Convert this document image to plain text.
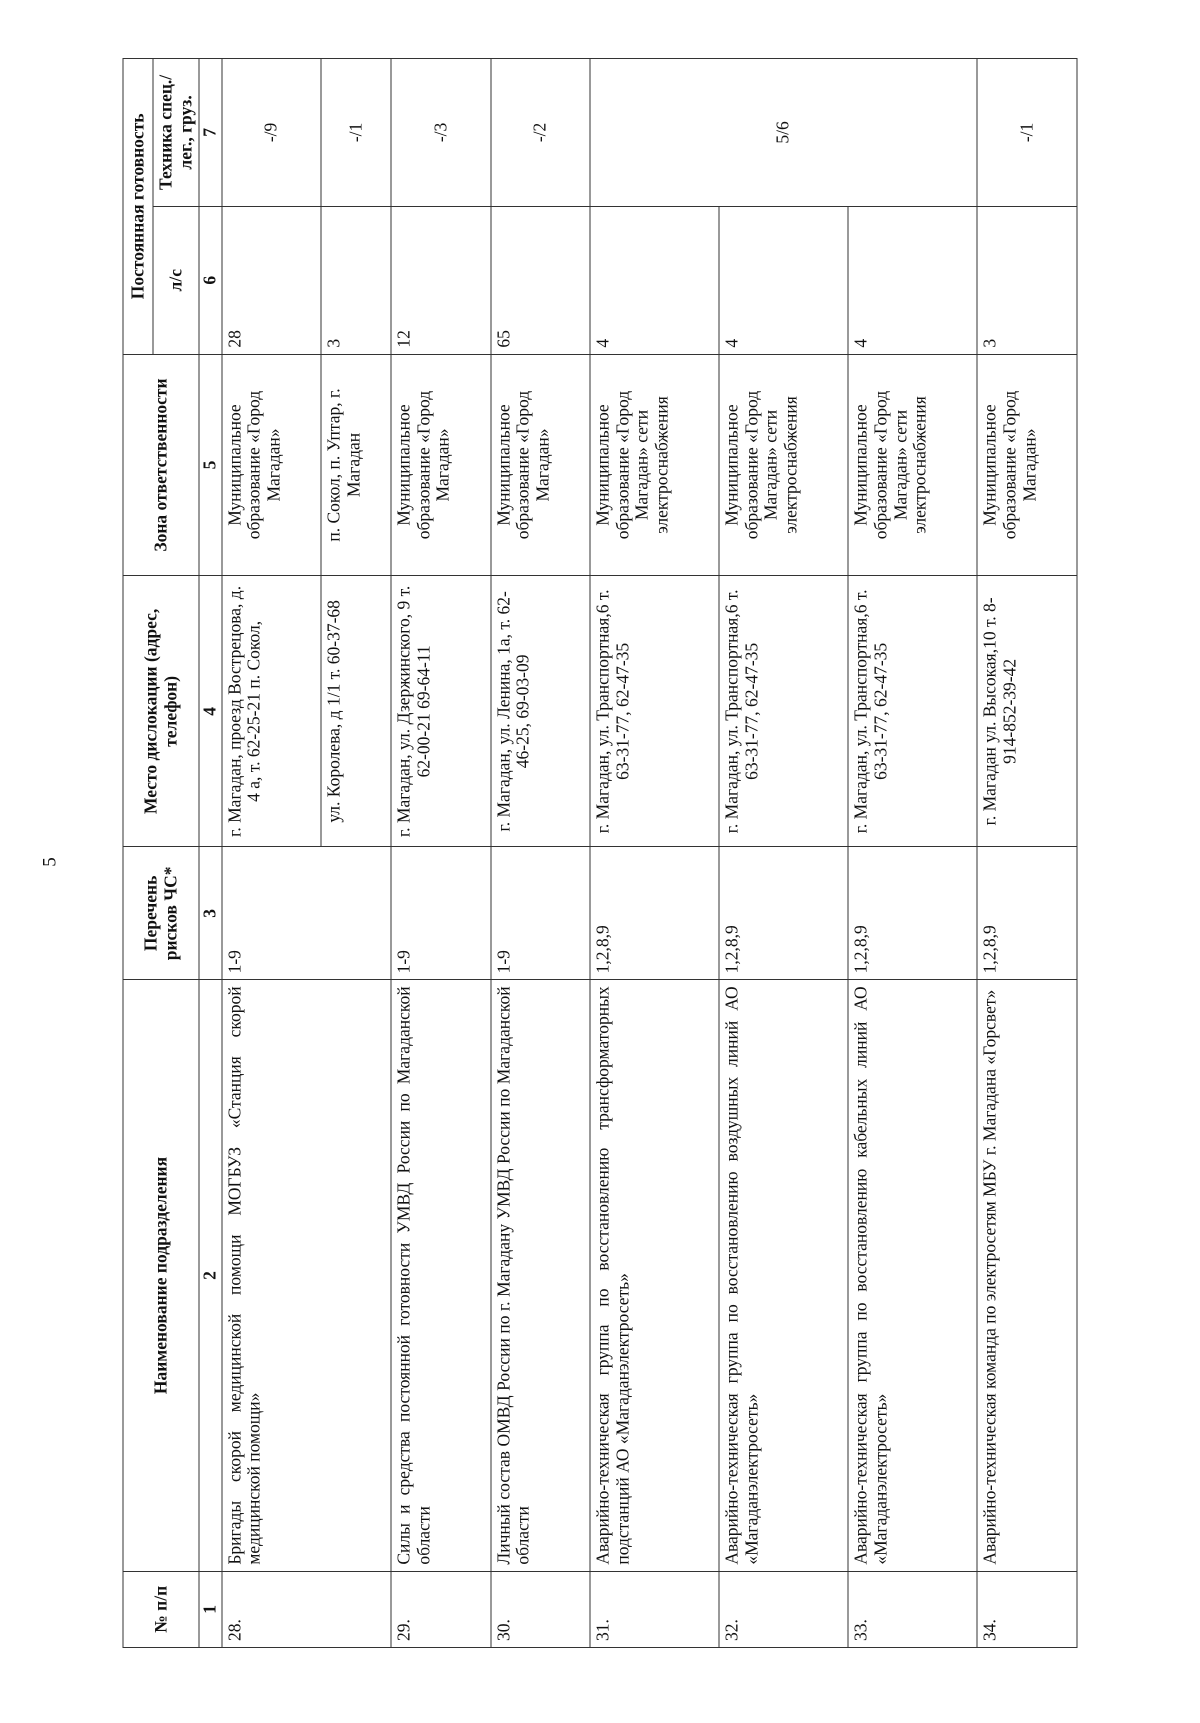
5
№ п/п	Наименование подразделения	Перечень рисков ЧС*	Место дислокации (адрес, телефон)	Зона ответственности	Постоянная готовность	
					л/с	Техника спец./лег., груз.
1	2	3	4	5	6	7
28.	Бригады скорой медицинской помощи МОГБУЗ «Станция скорой медицинской помощи»	1-9	г. Магадан, проезд Вострецова, д. 4 а, т. 62-25-21 п. Сокол,	Муниципальное образование «Город Магадан»	28	-/9
			ул. Королева, д 1/1 т. 60-37-68	п. Сокол, п. Уптар, г. Магадан	3	-/1
29.	Силы и средства постоянной готовности УМВД России по Магаданской области	1-9	г. Магадан, ул. Дзержинского, 9 т. 62-00-21 69-64-11	Муниципальное образование «Город Магадан»	12	-/3
30.	Личный состав ОМВД России по г. Магадану УМВД России по Магаданской области	1-9	г. Магадан, ул. Ленина, 1а, т. 62-46-25, 69-03-09	Муниципальное образование «Город Магадан»	65	-/2
31.	Аварийно-техническая группа по восстановлению трансформаторных подстанций АО «Магаданэлектросеть»	1,2,8,9	г. Магадан, ул. Транспортная,6 т. 63-31-77, 62-47-35	Муниципальное образование «Город Магадан» сети электроснабжения	4	5/6
32.	Аварийно-техническая группа по восстановлению воздушных линий АО «Магаданэлектросеть»	1,2,8,9	г. Магадан, ул. Транспортная,6 т. 63-31-77, 62-47-35	Муниципальное образование «Город Магадан» сети электроснабжения	4	
33.	Аварийно-техническая группа по восстановлению кабельных линий АО «Магаданэлектросеть»	1,2,8,9	г. Магадан, ул. Транспортная,6 т. 63-31-77, 62-47-35	Муниципальное образование «Город Магадан» сети электроснабжения	4	
34.	Аварийно-техническая команда по электросетям МБУ г. Магадана «Горсвет»	1,2,8,9	г. Магадан ул. Высокая,10 т. 8-914-852-39-42	Муниципальное образование «Город Магадан»	3	-/1
